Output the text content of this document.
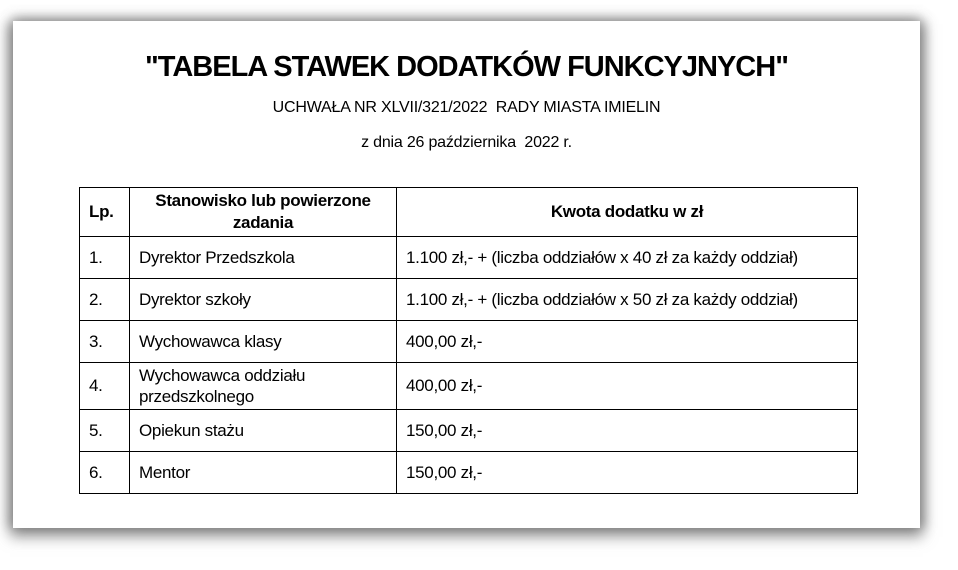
"TABELA STAWEK DODATKÓW FUNKCYJNYCH"
UCHWAŁA NR XLVII/321/2022  RADY MIASTA IMIELIN
z dnia 26 października  2022 r.
Lp.	Stanowisko lub powierzone zadania	Kwota dodatku w zł
1.	Dyrektor Przedszkola	1.100 zł,- + (liczba oddziałów x 40 zł za każdy oddział)
2.	Dyrektor szkoły	1.100 zł,- + (liczba oddziałów x 50 zł za każdy oddział)
3.	Wychowawca klasy	400,00 zł,-
4.	Wychowawca oddziału przedszkolnego	400,00 zł,-
5.	Opiekun stażu	150,00 zł,-
6.	Mentor	150,00 zł,-
